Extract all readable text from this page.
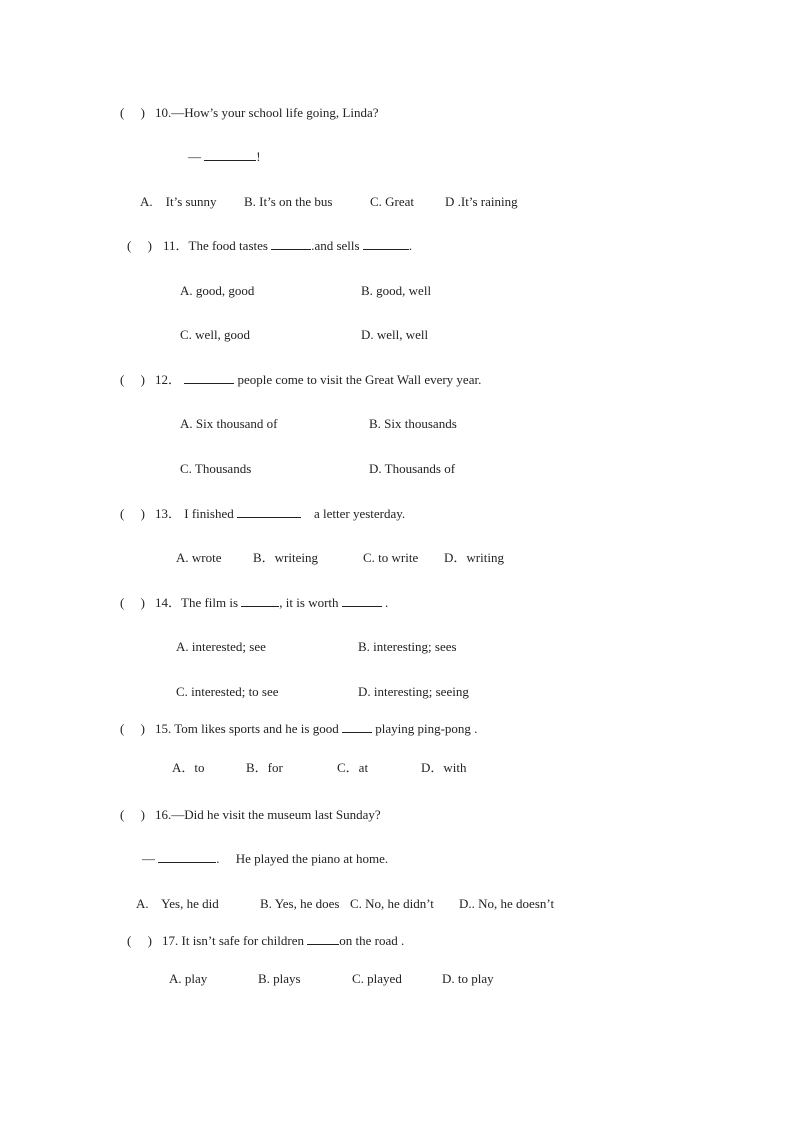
(     ) 10.—How’s your school life going, Linda?
—	!
A.    It’s sunny B. It’s on the bus	C. Great D .It’s raining
(     ) 11．The food tastes	.and sells	.
A. good, good	B. good, well
C. well, good	D. well, well
(     ) 12．	people come to visit the Great Wall every year.
A. Six thousand of	B. Six thousands
C. Thousands	D. Thousands of
(     ) 13． I finished	a letter yesterday.
A. wrote B．writeing	C. to write D．writing
(     ) 14．The film is	, it is worth	.
A. interested; see	B. interesting; sees
C. interested; to see	D. interesting; seeing
(     ) 15. Tom likes sports and he is good  playing ping-pong .
A．to	B．for	C．at	D．with
(     ) 16.—Did he visit the museum last Sunday?
—	.     He played the piano at home.
A.    Yes, he did	B. Yes, he does C. No, he didn’t D.. No, he doesn’t
(     ) 17. It isn’t safe for children on the road .
A. play	B. plays	C. played	D. to play
